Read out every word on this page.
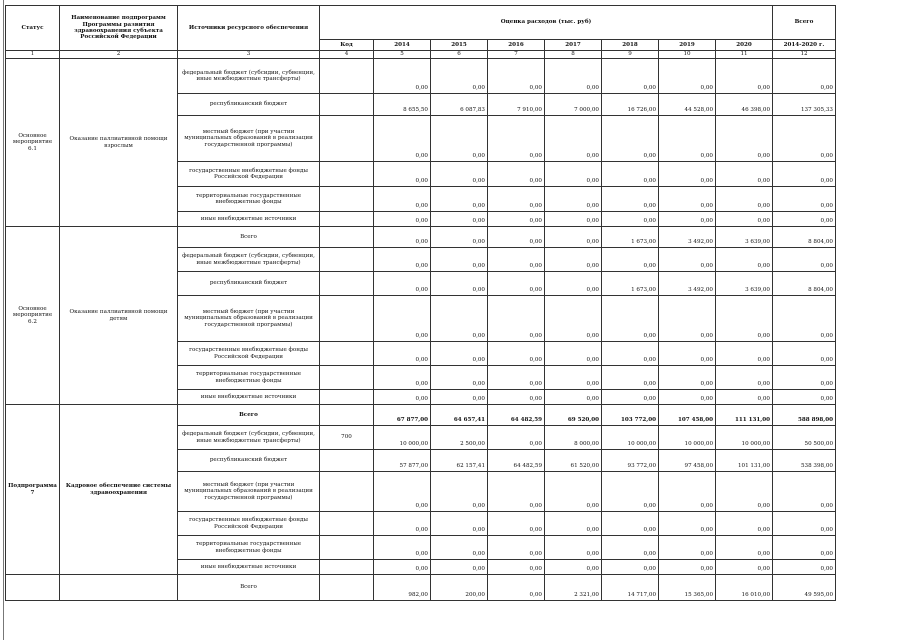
Статус	Наименование подпрограмм Программы развития здравоохранения субъекта Российской Федерации	Источники ресурсного обеспечения	Оценка расходов (тыс. руб)								Всего
			Код	2014	2015	2016	2017	2018	2019	2020	2014-2020 г.
1	2	3	4	5	6	7	8	9	10	11	12
Основное мероприятие 6.1	Оказание паллиативной помощи взрослым	федеральный бюджет (субсидии, субвенции, иные межбюджетные трансферты)		0,00	0,00	0,00	0,00	0,00	0,00	0,00	0,00
		республиканский бюджет		8 655,50	6 087,83	7 910,00	7 000,00	16 726,00	44 528,00	46 398,00	137 305,33
		местный бюджет (при участии муниципальных образований в реализации государственной программы)		0,00	0,00	0,00	0,00	0,00	0,00	0,00	0,00
		государственные внебюджетные фонды Российской Федерации		0,00	0,00	0,00	0,00	0,00	0,00	0,00	0,00
		территориальные государственные внебюджетные фонды		0,00	0,00	0,00	0,00	0,00	0,00	0,00	0,00
		иные внебюджетные источники		0,00	0,00	0,00	0,00	0,00	0,00	0,00	0,00
Основное мероприятие 6.2	Оказание паллиативной помощи детям	Всего		0,00	0,00	0,00	0,00	1 673,00	3 492,00	3 639,00	8 804,00
		федеральный бюджет (субсидии, субвенции, иные межбюджетные трансферты)		0,00	0,00	0,00	0,00	0,00	0,00	0,00	0,00
		республиканский бюджет		0,00	0,00	0,00	0,00	1 673,00	3 492,00	3 639,00	8 804,00
		местный бюджет (при участии муниципальных образований в реализации государственной программы)		0,00	0,00	0,00	0,00	0,00	0,00	0,00	0,00
		государственные внебюджетные фонды Российской Федерации		0,00	0,00	0,00	0,00	0,00	0,00	0,00	0,00
		территориальные государственные внебюджетные фонды		0,00	0,00	0,00	0,00	0,00	0,00	0,00	0,00
		иные внебюджетные источники		0,00	0,00	0,00	0,00	0,00	0,00	0,00	0,00
Подпрограмма 7	Кадровое обеспечение системы здравоохранения	Всего		67 877,00	64 657,41	64 482,59	69 520,00	103 772,00	107 458,00	111 131,00	588 898,00
		федеральный бюджет (субсидии, субвенции, иные межбюджетные трансферты)	700	10 000,00	2 500,00	0,00	8 000,00	10 000,00	10 000,00	10 000,00	50 500,00
		республиканский бюджет		57 877,00	62 157,41	64 482,59	61 520,00	93 772,00	97 458,00	101 131,00	538 398,00
		местный бюджет (при участии муниципальных образований в реализации государственной программы)		0,00	0,00	0,00	0,00	0,00	0,00	0,00	0,00
		государственные внебюджетные фонды Российской Федерации		0,00	0,00	0,00	0,00	0,00	0,00	0,00	0,00
		территориальные государственные внебюджетные фонды		0,00	0,00	0,00	0,00	0,00	0,00	0,00	0,00
		иные внебюджетные источники		0,00	0,00	0,00	0,00	0,00	0,00	0,00	0,00
		Всего		982,00	200,00	0,00	2 321,00	14 717,00	15 365,00	16 010,00	49 595,00
